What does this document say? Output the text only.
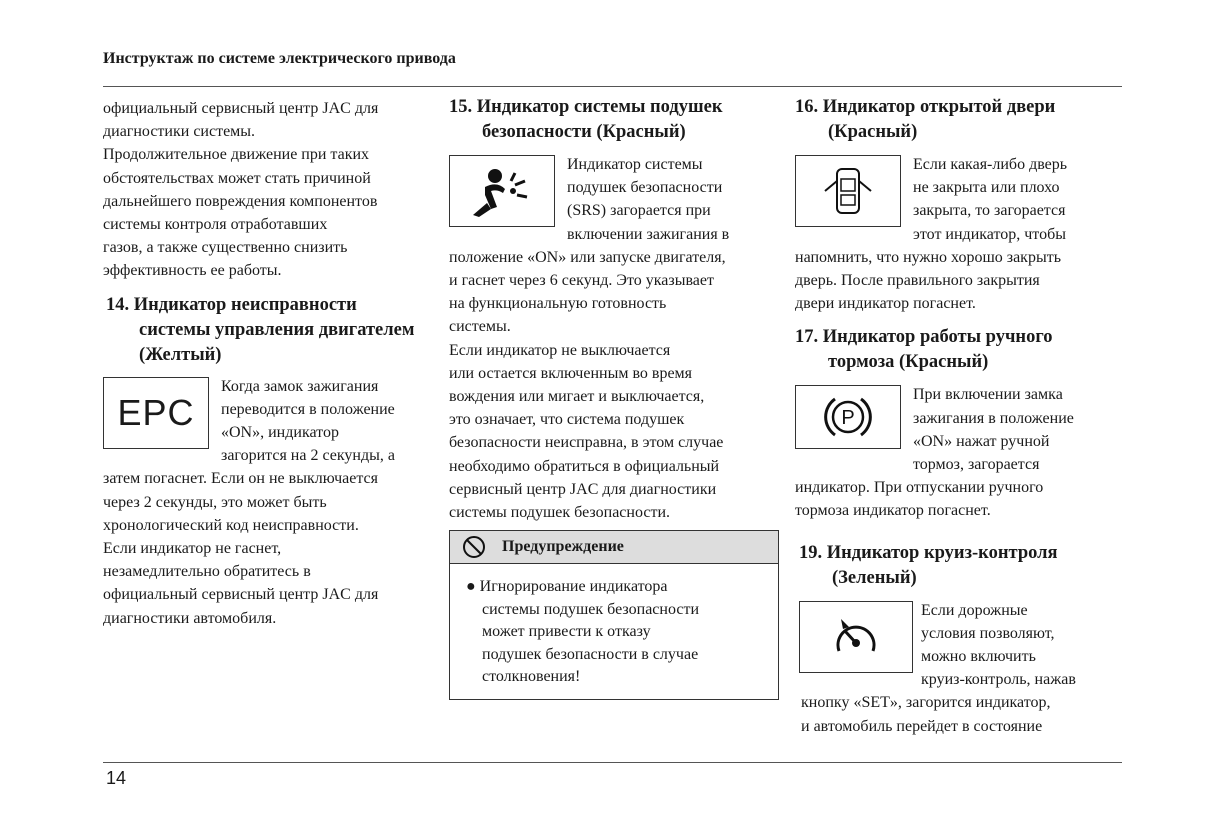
Инструктаж по системе электрического привода
14

официальный сервисный центр JAC для

диагностики системы.

Продолжительное движение при таких

обстоятельствах может стать причиной

дальнейшего повреждения компонентов

системы контроля отработавших

газов, а также существенно снизить

эффективность ее работы.

14. Индикатор неисправности

системы управления двигателем

(Желтый)

EPC

Когда замок зажигания

переводится в положение

«ON», индикатор

загорится на 2 секунды, а

затем погаснет. Если он не выключается

через 2 секунды, это может быть

хронологический код неисправности.

Если индикатор не гаснет,

незамедлительно обратитесь в

официальный сервисный центр JAC для

диагностики автомобиля.

15. Индикатор системы подушек

безопасности (Красный)

Индикатор системы

подушек безопасности

(SRS) загорается при

включении зажигания в

положение «ON» или запуске двигателя,

и гаснет через 6 секунд. Это указывает

на функциональную готовность

системы.

Если индикатор не выключается

или остается включенным во время

вождения или мигает и выключается,

это означает, что система подушек

безопасности неисправна, в этом случае

необходимо обратиться в официальный

сервисный центр JAC для диагностики

системы подушек безопасности.

Предупреждение

● Игнорирование индикатора

системы подушек безопасности

может привести к отказу

подушек безопасности в случае

столкновения!

16. Индикатор открытой двери

(Красный)

Если какая-либо дверь

не закрыта или плохо

закрыта, то загорается

этот индикатор, чтобы

напомнить, что нужно хорошо закрыть

дверь. После правильного закрытия

двери индикатор погаснет.

17. Индикатор работы ручного

тормоза (Красный)

P

При включении замка

зажигания в положение

«ON» нажат ручной

тормоз, загорается

индикатор. При отпускании ручного

тормоза индикатор погаснет.

19. Индикатор круиз-контроля

(Зеленый)

Если дорожные

условия позволяют,

можно включить

круиз-контроль, нажав

кнопку «SET», загорится индикатор,

и автомобиль перейдет в состояние
